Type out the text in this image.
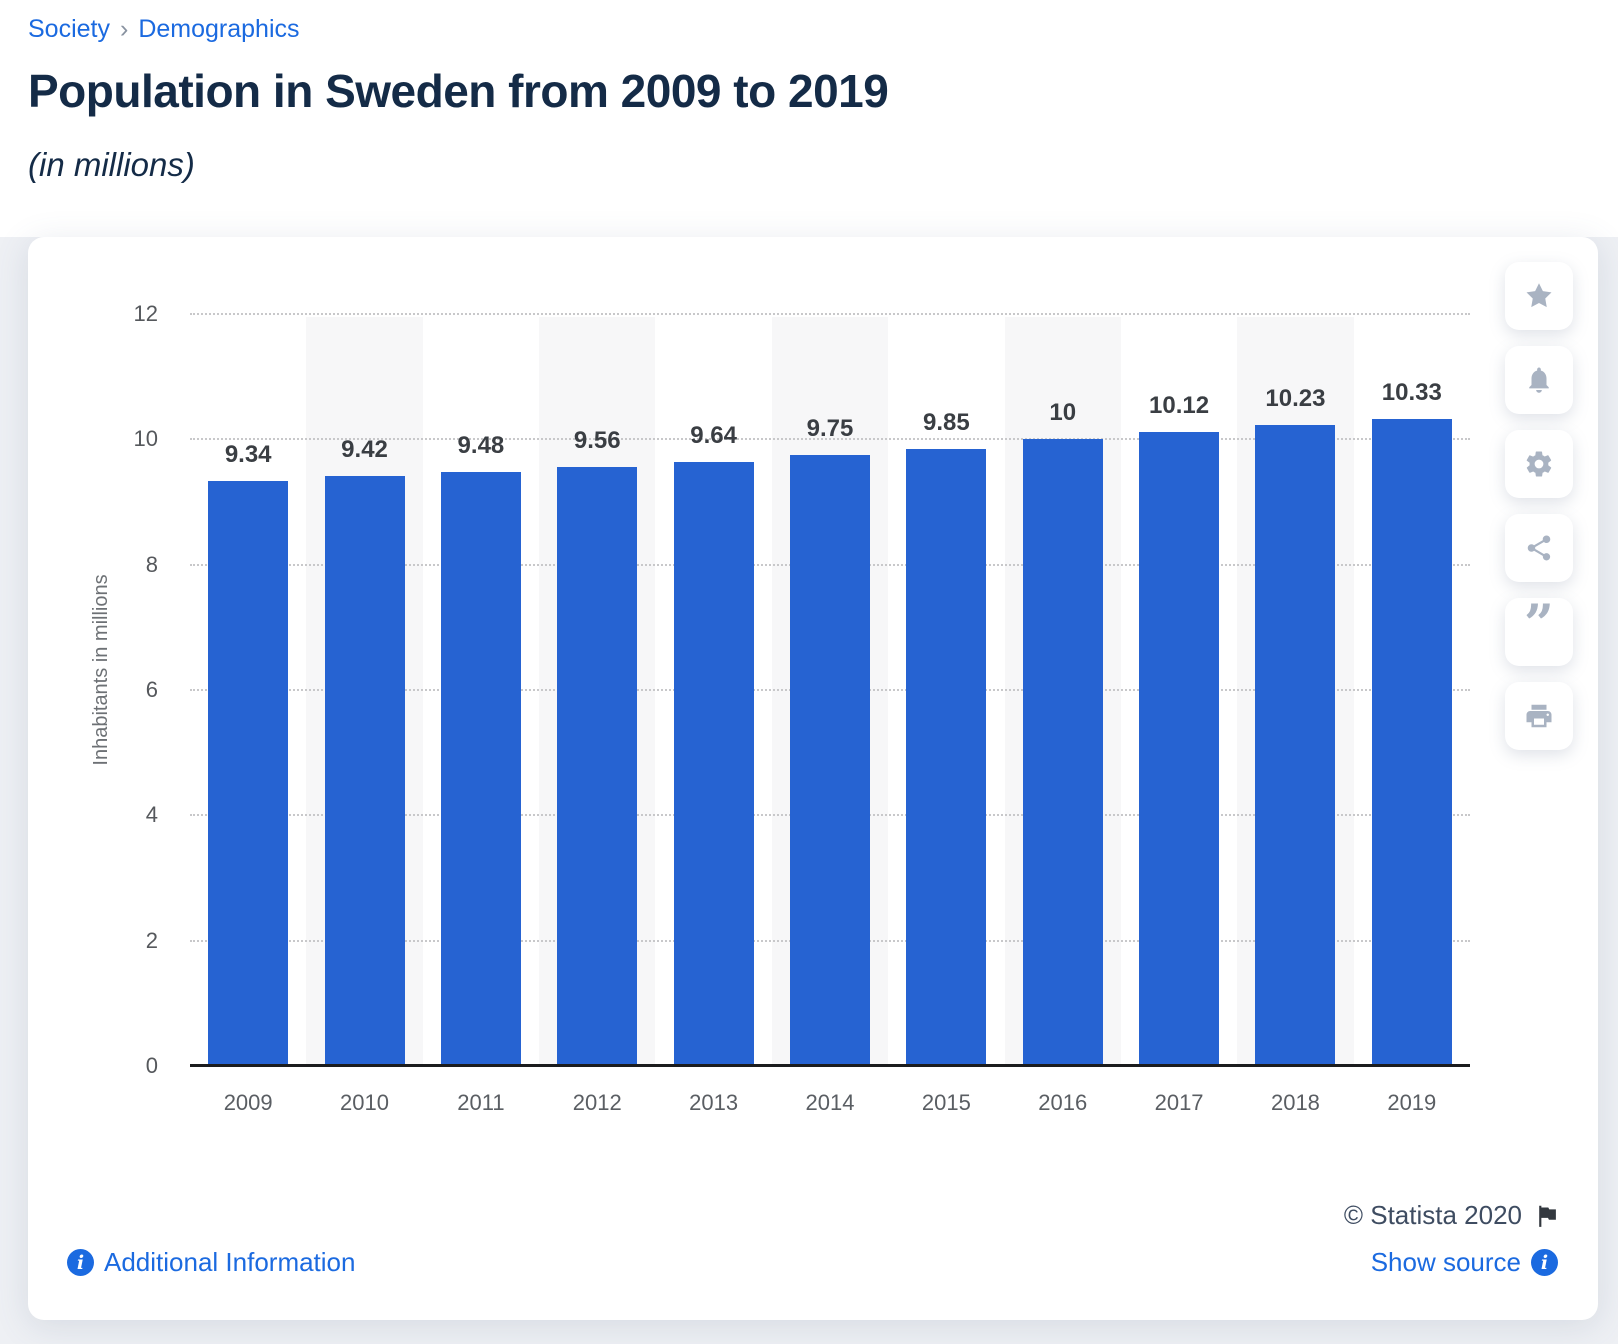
Society › Demographics
Population in Sweden from 2009 to 2019
(in millions)
Inhabitants in millions
0
2
4
6
8
10
12
9.34
2009
9.42
2010
9.48
2011
9.56
2012
9.64
2013
9.75
2014
9.85
2015
10
2016
10.12
2017
10.23
2018
10.33
2019
”
© Statista 2020
i Additional Information	Show source	i
